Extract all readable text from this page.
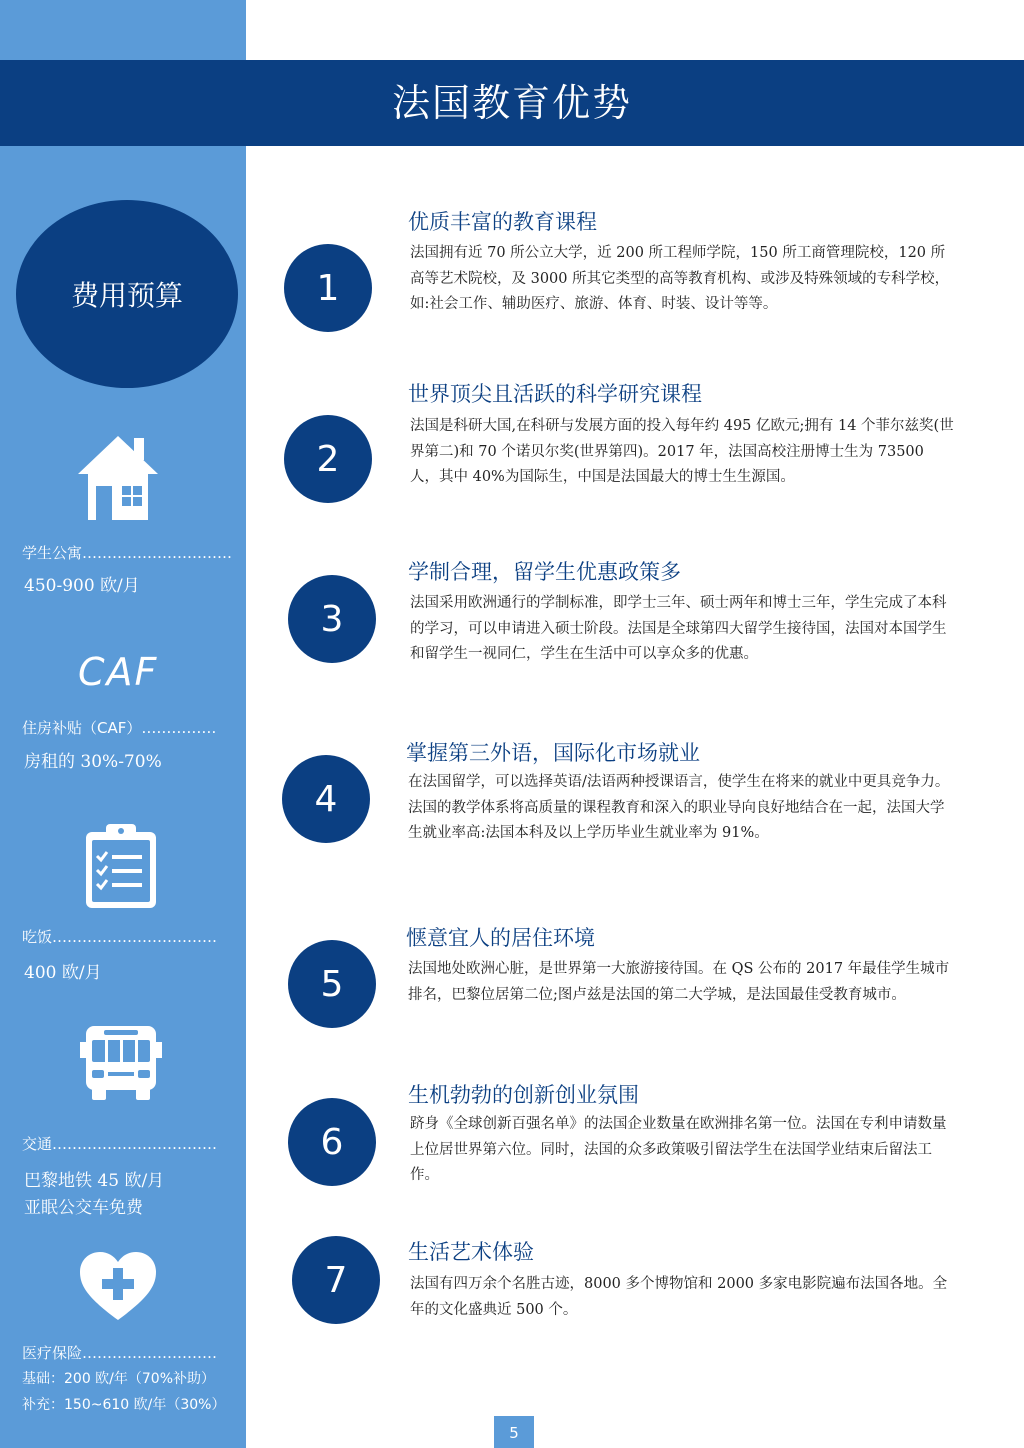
费用预算
学生公寓…………………………
450-900 欧/月
CAF
住房补贴（CAF）……………
房租的 30%-70%
吃饭……………………………
400 欧/月
交通……………………………
巴黎地铁 45 欧/月
亚眠公交车免费
医疗保险………………………
基础：200 欧/年（70%补助）
补充：150~610 欧/年（30%）
法国教育优势
1
优质丰富的教育课程
法国拥有近 70 所公立大学，近 200 所工程师学院，150 所工商管理院校，120 所高等艺术院校，及 3000 所其它类型的高等教育机构、或涉及特殊领域的专科学校，如:社会工作、辅助医疗、旅游、体育、时装、设计等等。
2
世界顶尖且活跃的科学研究课程
法国是科研大国,在科研与发展方面的投入每年约 495 亿欧元;拥有 14 个菲尔兹奖(世界第二)和 70 个诺贝尔奖(世界第四)。2017 年，法国高校注册博士生为 73500 人，其中 40%为国际生，中国是法国最大的博士生生源国。
3
学制合理，留学生优惠政策多
法国采用欧洲通行的学制标准，即学士三年、硕士两年和博士三年，学生完成了本科的学习，可以申请进入硕士阶段。法国是全球第四大留学生接待国，法国对本国学生和留学生一视同仁，学生在生活中可以享众多的优惠。
4
掌握第三外语，国际化市场就业
在法国留学，可以选择英语/法语两种授课语言，使学生在将来的就业中更具竞争力。法国的教学体系将高质量的课程教育和深入的职业导向良好地结合在一起，法国大学生就业率高:法国本科及以上学历毕业生就业率为 91%。
5
惬意宜人的居住环境
法国地处欧洲心脏，是世界第一大旅游接待国。在 QS 公布的 2017 年最佳学生城市排名，巴黎位居第二位;图卢兹是法国的第二大学城，是法国最佳受教育城市。
6
生机勃勃的创新创业氛围
跻身《全球创新百强名单》的法国企业数量在欧洲排名第一位。法国在专利申请数量上位居世界第六位。同时，法国的众多政策吸引留法学生在法国学业结束后留法工作。
7
生活艺术体验
法国有四万余个名胜古迹，8000 多个博物馆和 2000 多家电影院遍布法国各地。全年的文化盛典近 500 个。
5
